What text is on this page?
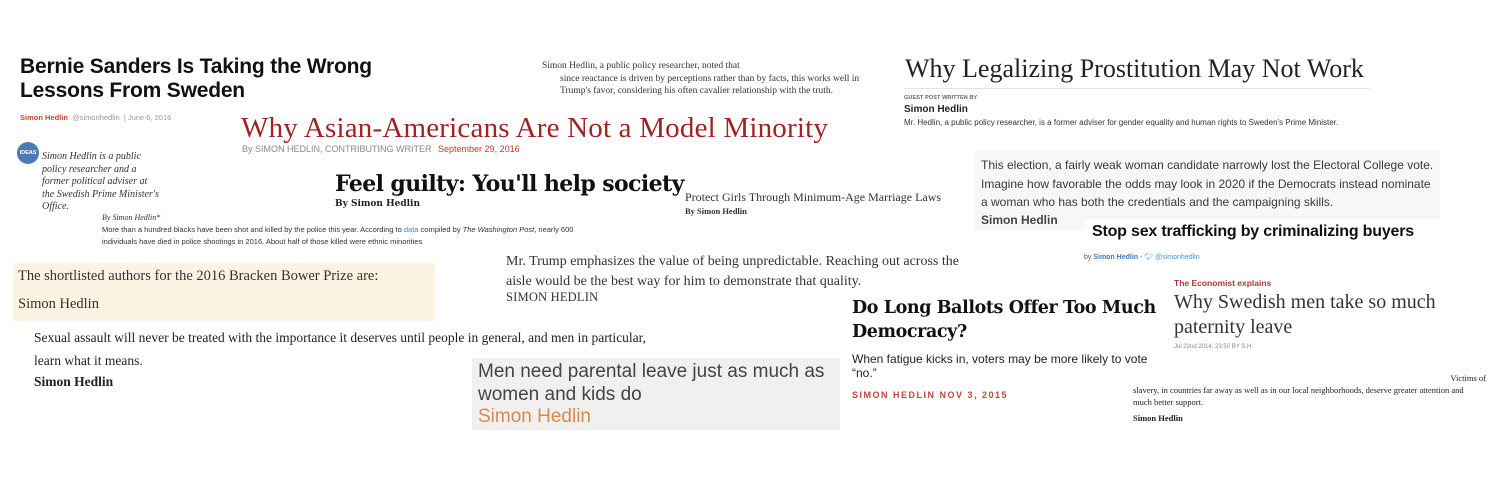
Bernie Sanders Is Taking the Wrong Lessons From Sweden
Simon Hedlin @simonhedlin  | June 6, 2016
IDEAS Simon Hedlin is a public policy researcher and a former political adviser at the Swedish Prime Minister's Office.
Simon Hedlin, a public policy researcher, noted that
since reactance is driven by perceptions rather than by facts, this works well in Trump's favor, considering his often cavalier relationship with the truth.
Why Asian-Americans Are Not a Model Minority
By SIMON HEDLIN, CONTRIBUTING WRITER September 29, 2016
Why Legalizing Prostitution May Not Work
GUEST POST WRITTEN BY
Simon Hedlin
Mr. Hedlin, a public policy researcher, is a former adviser for gender equality and human rights to Sweden's Prime Minister.
By Simon Hedlin*
More than a hundred blacks have been shot and killed by the police this year. According to data compiled by The Washington Post, nearly 600 individuals have died in police shootings in 2016. About half of those killed were ethnic minorities
Feel guilty: You'll help society
By Simon Hedlin	Protect Girls Through Minimum-Age Marriage Laws
By Simon Hedlin
This election, a fairly weak woman candidate narrowly lost the Electoral College vote. Imagine how favorable the odds may look in 2020 if the Democrats instead nominate a woman who has both the credentials and the campaigning skills.
Simon Hedlin
Stop sex trafficking by criminalizing buyers
by Simon Hedlin - 🐦︎ @simonhedlin
The shortlisted authors for the 2016 Bracken Bower Prize are:
Simon Hedlin
Mr. Trump emphasizes the value of being unpredictable. Reaching out across the aisle would be the best way for him to demonstrate that quality.
SIMON HEDLIN
Sexual assault will never be treated with the importance it deserves until people in general, and men in particular, learn what it means.
Simon Hedlin	Men need parental leave just as much as women and kids do
Simon Hedlin
Do Long Ballots Offer Too Much Democracy?
When fatigue kicks in, voters may be more likely to vote “no.”
SIMON HEDLIN NOV 3, 2015
The Economist explains
Why Swedish men take so much paternity leave
Jul 22nd 2014, 23:50 BY S.H.
Victims of
slavery, in countries far away as well as in our local neighborhoods, deserve greater attention and much better support.
Simon Hedlin
